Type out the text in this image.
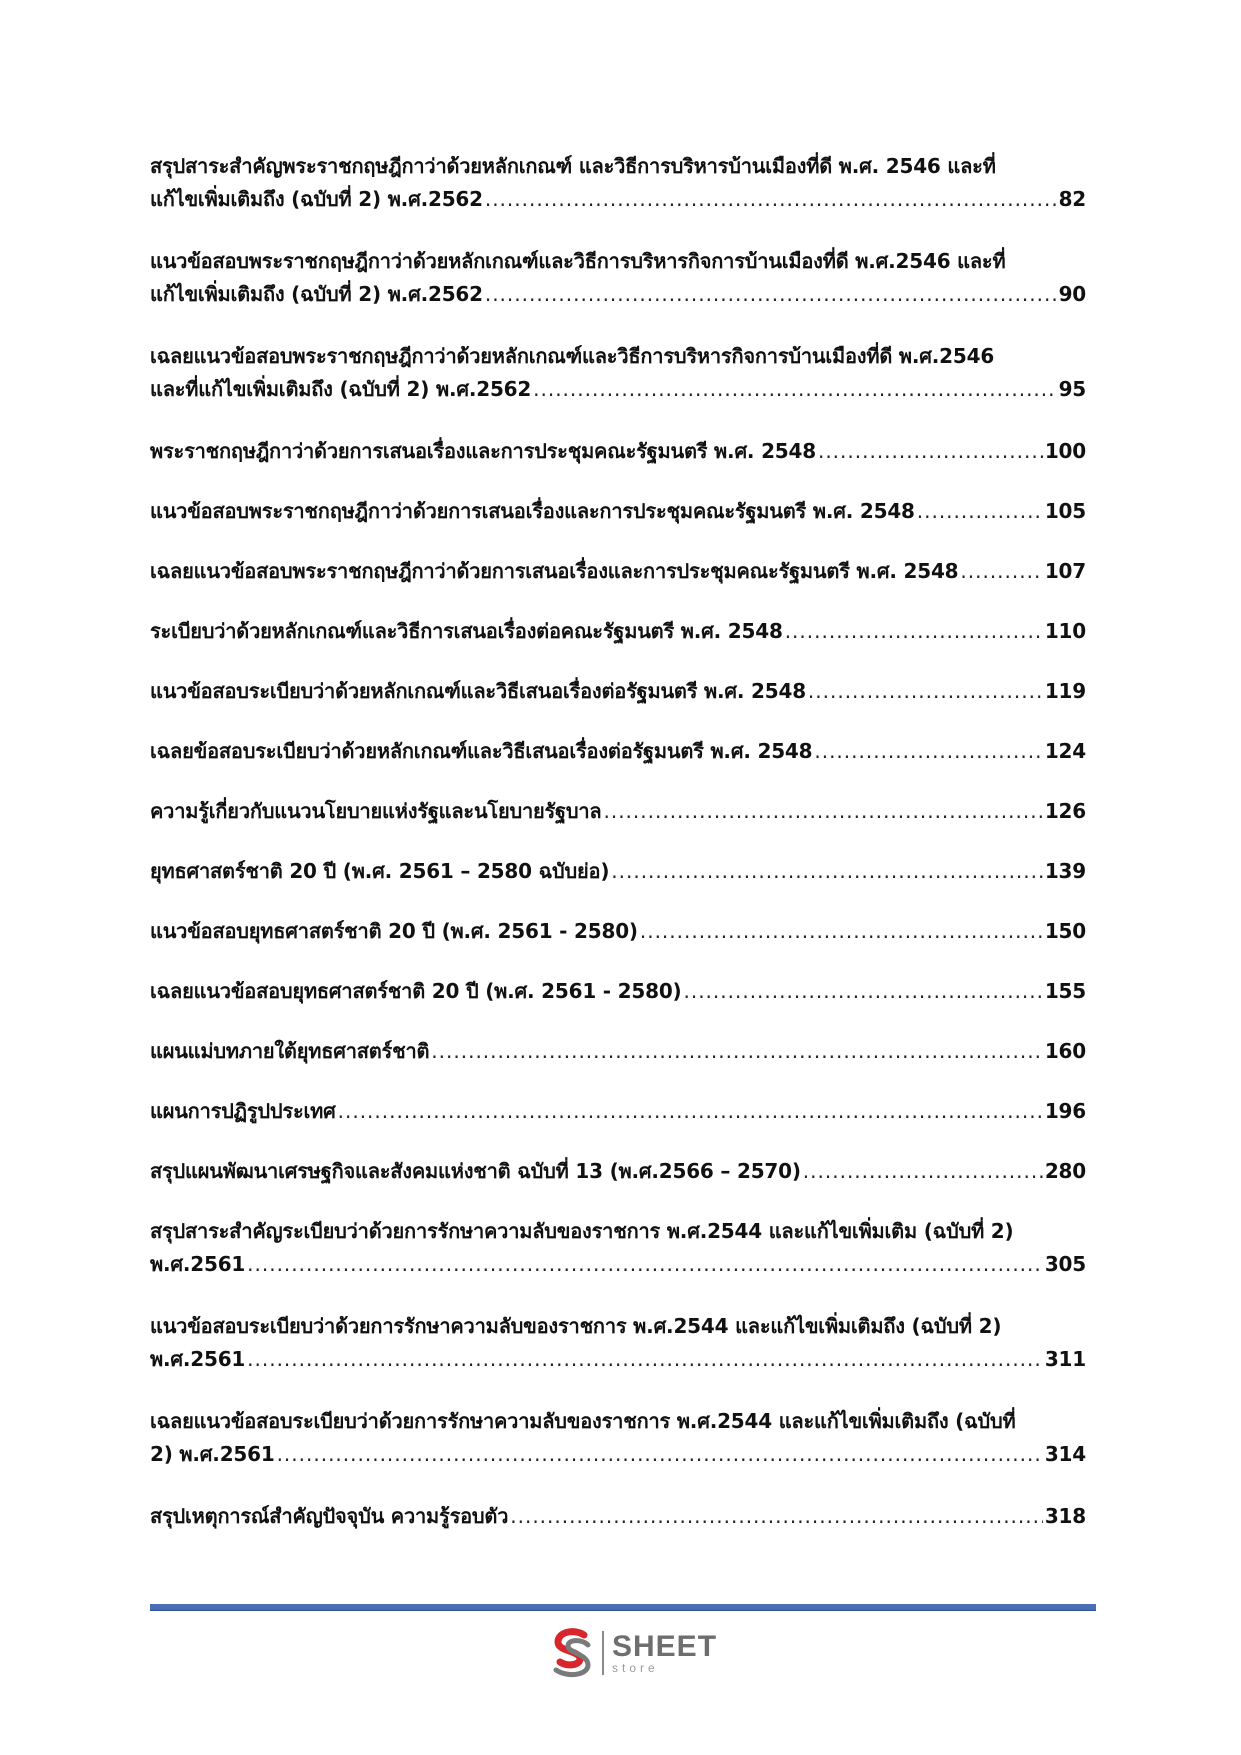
สรุปสาระสำคัญพระราชกฤษฎีกาว่าด้วยหลักเกณฑ์ และวิธีการบริหารบ้านเมืองที่ดี พ.ศ. 2546 และที่
แก้ไขเพิ่มเติมถึง (ฉบับที่ 2) พ.ศ.2562 .....	82
แนวข้อสอบพระราชกฤษฎีกาว่าด้วยหลักเกณฑ์และวิธีการบริหารกิจการบ้านเมืองที่ดี พ.ศ.2546 และที่
แก้ไขเพิ่มเติมถึง (ฉบับที่ 2) พ.ศ.2562 .....	90
เฉลยแนวข้อสอบพระราชกฤษฎีกาว่าด้วยหลักเกณฑ์และวิธีการบริหารกิจการบ้านเมืองที่ดี พ.ศ.2546
และที่แก้ไขเพิ่มเติมถึง (ฉบับที่ 2) พ.ศ.2562 .....	95
พระราชกฤษฎีกาว่าด้วยการเสนอเรื่องและการประชุมคณะรัฐมนตรี พ.ศ. 2548 .....	100
แนวข้อสอบพระราชกฤษฎีกาว่าด้วยการเสนอเรื่องและการประชุมคณะรัฐมนตรี พ.ศ. 2548 .....	105
เฉลยแนวข้อสอบพระราชกฤษฎีกาว่าด้วยการเสนอเรื่องและการประชุมคณะรัฐมนตรี พ.ศ. 2548 .....	107
ระเบียบว่าด้วยหลักเกณฑ์และวิธีการเสนอเรื่องต่อคณะรัฐมนตรี พ.ศ. 2548 .....	110
แนวข้อสอบระเบียบว่าด้วยหลักเกณฑ์และวิธีเสนอเรื่องต่อรัฐมนตรี พ.ศ. 2548 .....	119
เฉลยข้อสอบระเบียบว่าด้วยหลักเกณฑ์และวิธีเสนอเรื่องต่อรัฐมนตรี พ.ศ. 2548 .....	124
ความรู้เกี่ยวกับแนวนโยบายแห่งรัฐและนโยบายรัฐบาล .....	126
ยุทธศาสตร์ชาติ 20 ปี (พ.ศ. 2561 – 2580 ฉบับย่อ) .....	139
แนวข้อสอบยุทธศาสตร์ชาติ 20 ปี (พ.ศ. 2561 - 2580) .....	150
เฉลยแนวข้อสอบยุทธศาสตร์ชาติ 20 ปี (พ.ศ. 2561 - 2580) .....	155
แผนแม่บทภายใต้ยุทธศาสตร์ชาติ .....	160
แผนการปฏิรูปประเทศ .....	196
สรุปแผนพัฒนาเศรษฐกิจและสังคมแห่งชาติ ฉบับที่ 13 (พ.ศ.2566 – 2570) .....	280
สรุปสาระสำคัญระเบียบว่าด้วยการรักษาความลับของราชการ พ.ศ.2544 และแก้ไขเพิ่มเติม (ฉบับที่ 2)
พ.ศ.2561 .....	305
แนวข้อสอบระเบียบว่าด้วยการรักษาความลับของราชการ พ.ศ.2544 และแก้ไขเพิ่มเติมถึง (ฉบับที่ 2)
พ.ศ.2561 .....	311
เฉลยแนวข้อสอบระเบียบว่าด้วยการรักษาความลับของราชการ พ.ศ.2544 และแก้ไขเพิ่มเติมถึง (ฉบับที่
2) พ.ศ.2561 .....	314
สรุปเหตุการณ์สำคัญปัจจุบัน ความรู้รอบตัว .....	318
SHEET
store
